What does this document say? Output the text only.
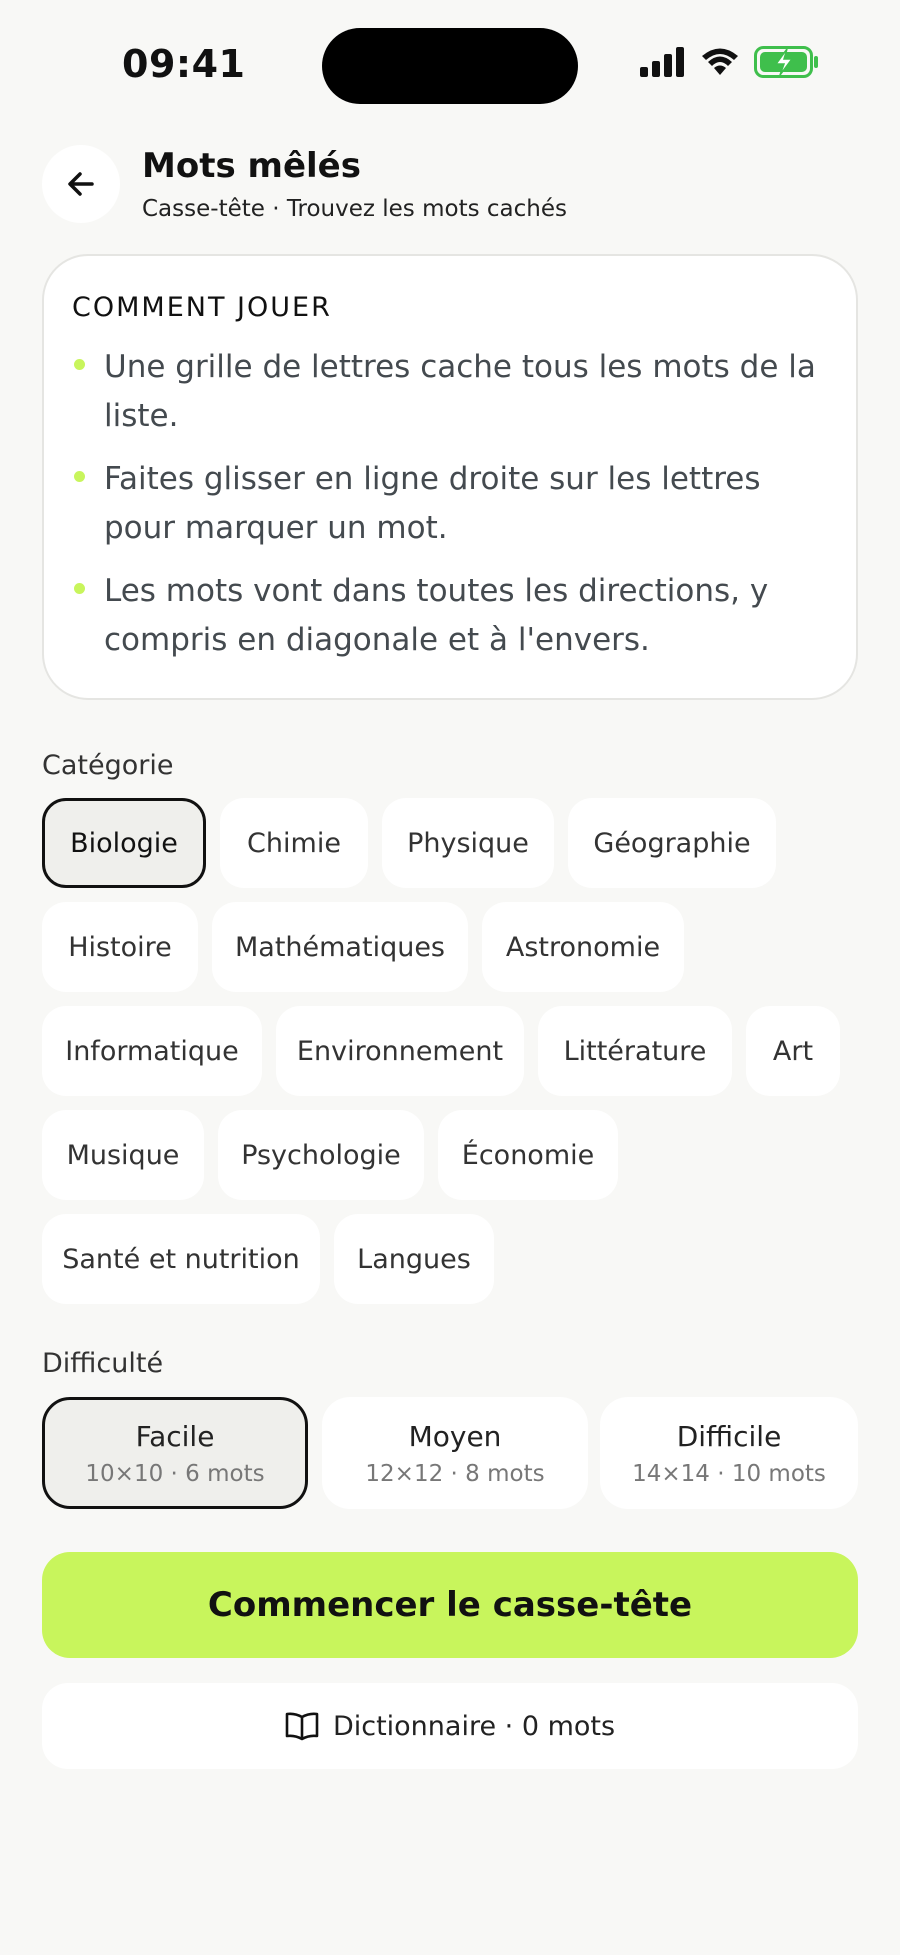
09:41
Mots mêlés
Casse-tête · Trouvez les mots cachés
COMMENT JOUER
Une grille de lettres cache tous les mots de la liste.
Faites glisser en ligne droite sur les lettres pour marquer un mot.
Les mots vont dans toutes les directions, y compris en diagonale et à l'envers.
Catégorie
Biologie	Chimie	Physique	Géographie
Histoire	Mathématiques	Astronomie
Informatique	Environnement	Littérature	Art
Musique	Psychologie	Économie
Santé et nutrition	Langues
Difficulté
Facile
10×10 · 6 mots
Moyen
12×12 · 8 mots
Difficile
14×14 · 10 mots
Commencer le casse-tête
Dictionnaire · 0 mots
